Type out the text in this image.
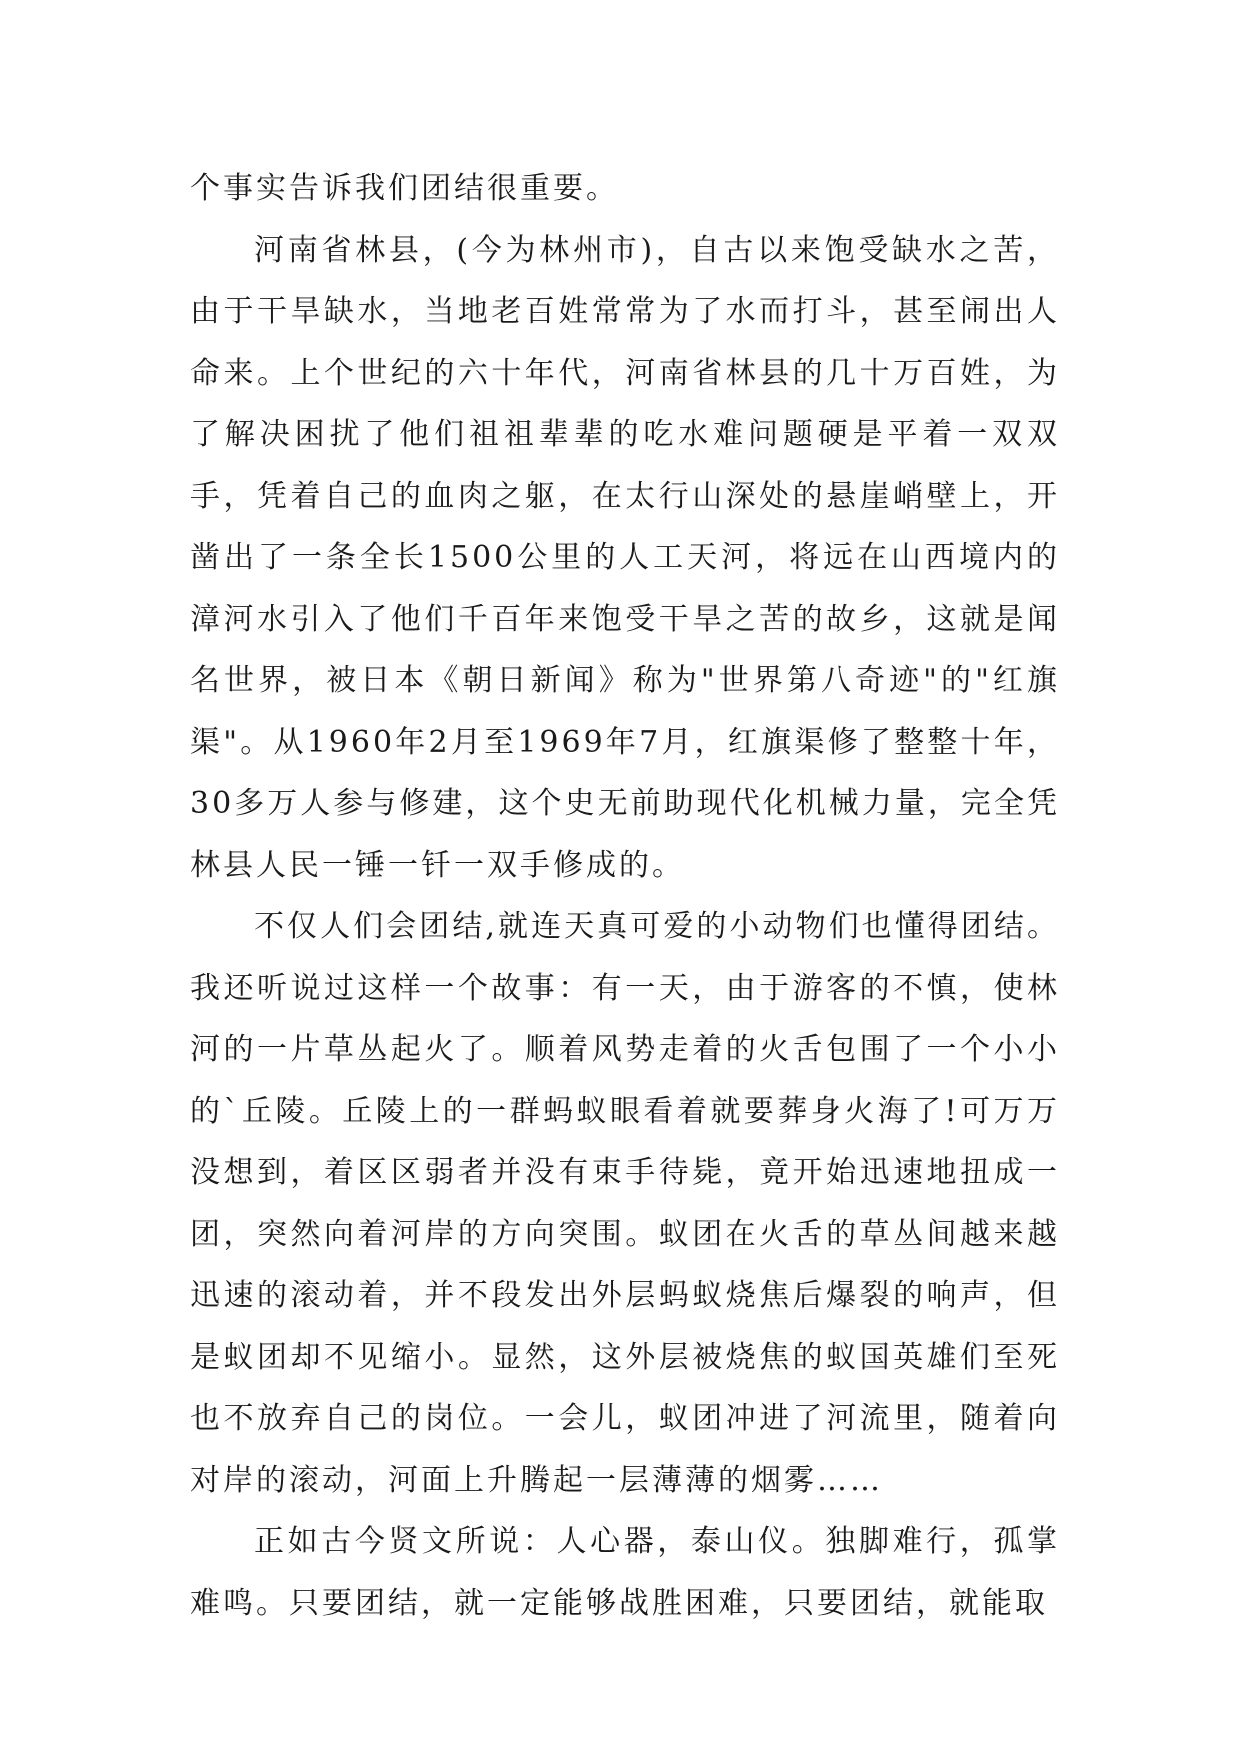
个事实告诉我们团结很重要。

河南省林县，(今为林州市)，自古以来饱受缺水之苦，由于干旱缺水，当地老百姓常常为了水而打斗，甚至闹出人命来。上个世纪的六十年代，河南省林县的几十万百姓，为了解决困扰了他们祖祖辈辈的吃水难问题硬是平着一双双手，凭着自己的血肉之躯，在太行山深处的悬崖峭壁上，开凿出了一条全长1500公里的人工天河，将远在山西境内的漳河水引入了他们千百年来饱受干旱之苦的故乡，这就是闻名世界，被日本《朝日新闻》称为"世界第八奇迹"的"红旗渠"。从1960年2月至1969年7月，红旗渠修了整整十年，30多万人参与修建，这个史无前助现代化机械力量，完全凭林县人民一锤一钎一双手修成的。

不仅人们会团结,就连天真可爱的小动物们也懂得团结。我还听说过这样一个故事：有一天，由于游客的不慎，使林河的一片草丛起火了。顺着风势走着的火舌包围了一个小小的`丘陵。丘陵上的一群蚂蚁眼看着就要葬身火海了!可万万没想到，着区区弱者并没有束手待毙，竟开始迅速地扭成一团，突然向着河岸的方向突围。蚁团在火舌的草丛间越来越迅速的滚动着，并不段发出外层蚂蚁烧焦后爆裂的响声，但是蚁团却不见缩小。显然，这外层被烧焦的蚁国英雄们至死也不放弃自己的岗位。一会儿，蚁团冲进了河流里，随着向对岸的滚动，河面上升腾起一层薄薄的烟雾……

正如古今贤文所说：人心器，泰山仪。独脚难行，孤掌难鸣。只要团结，就一定能够战胜困难，只要团结，就能取
